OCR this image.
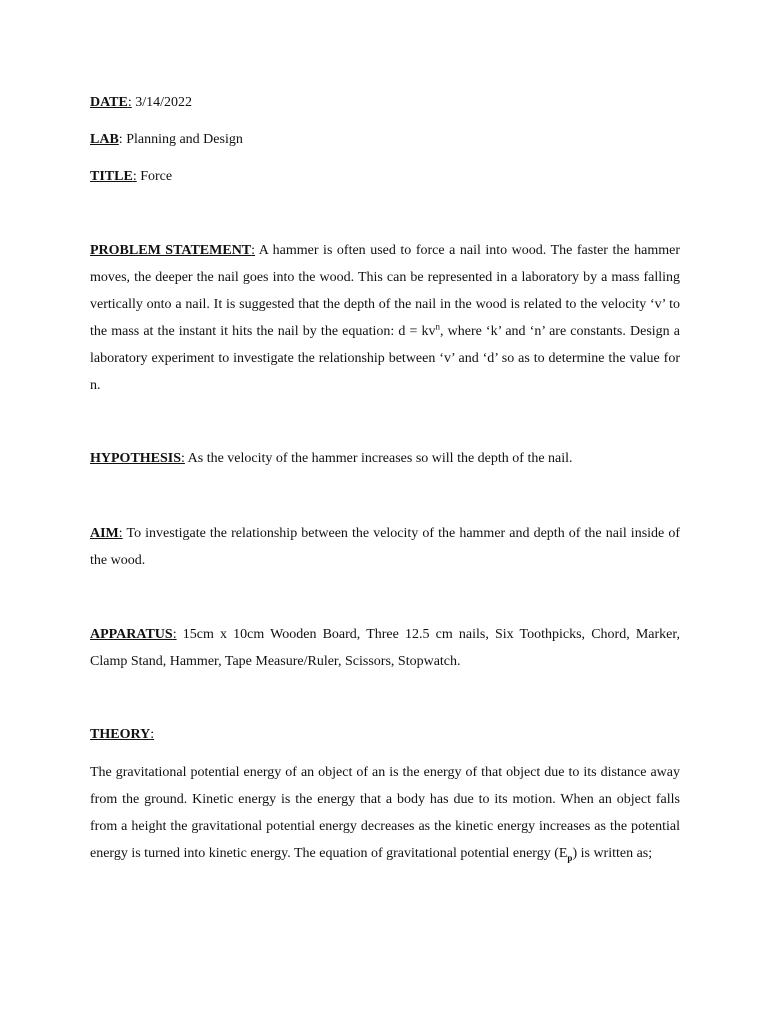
DATE: 3/14/2022

LAB: Planning and Design

TITLE: Force

PROBLEM STATEMENT: A hammer is often used to force a nail into wood. The faster the hammer moves, the deeper the nail goes into the wood. This can be represented in a laboratory by a mass falling vertically onto a nail. It is suggested that the depth of the nail in the wood is related to the velocity ‘v’ to the mass at the instant it hits the nail by the equation: $d = kv^n$, where ‘k’ and ‘n’ are constants. Design a laboratory experiment to investigate the relationship between ‘v’ and ‘d’ so as to determine the value for n.

HYPOTHESIS: As the velocity of the hammer increases so will the depth of the nail.

AIM: To investigate the relationship between the velocity of the hammer and depth of the nail inside of the wood.

APPARATUS: 15cm x 10cm Wooden Board, Three 12.5 cm nails, Six Toothpicks, Chord, Marker, Clamp Stand, Hammer, Tape Measure/Ruler, Scissors, Stopwatch.

THEORY:

The gravitational potential energy of an object of an is the energy of that object due to its distance away from the ground. Kinetic energy is the energy that a body has due to its motion. When an object falls from a height the gravitational potential energy decreases as the kinetic energy increases as the potential energy is turned into kinetic energy. The equation of gravitational potential energy $(E_p)$ is written as;
